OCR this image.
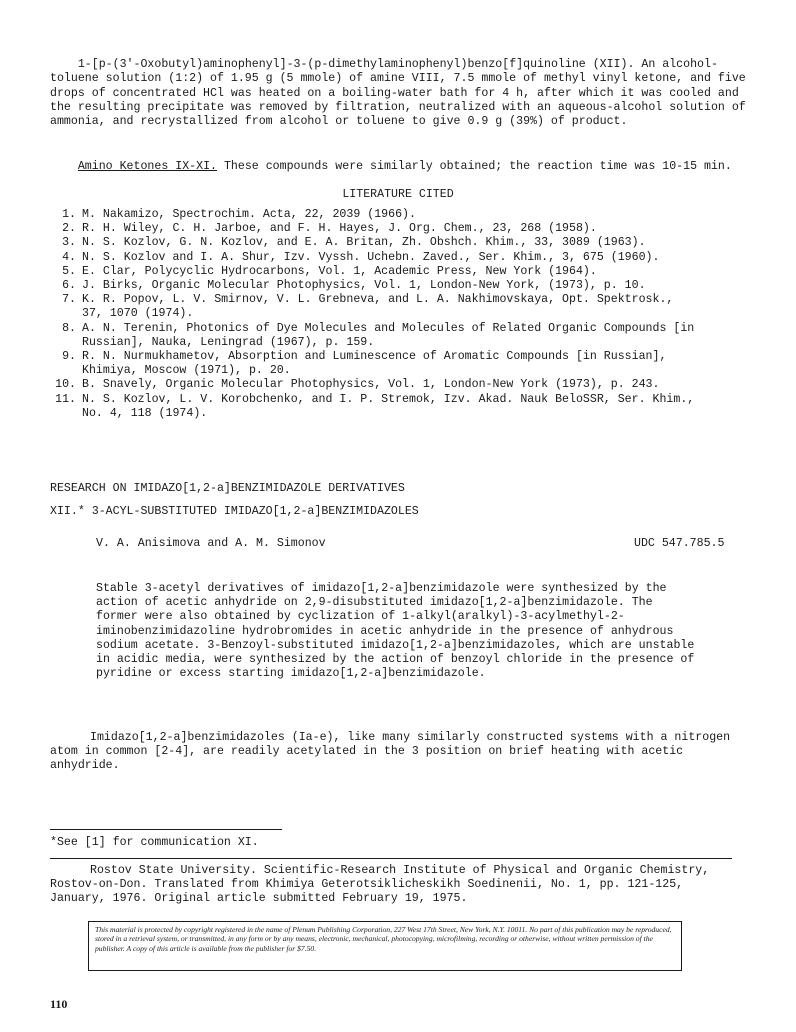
1-[p-(3'-Oxobutyl)aminophenyl]-3-(p-dimethylaminophenyl)benzo[f]quinoline (XII). An alcohol-toluene solution (1:2) of 1.95 g (5 mmole) of amine VIII, 7.5 mmole of methyl vinyl ketone, and five drops of concentrated HCl was heated on a boiling-water bath for 4 h, after which it was cooled and the resulting precipitate was removed by filtration, neutralized with an aqueous-alcohol solution of ammonia, and recrystallized from alcohol or toluene to give 0.9 g (39%) of product.

Amino Ketones IX-XI. These compounds were similarly obtained; the reaction time was 10-15 min.

LITERATURE CITED
1. M. Nakamizo, Spectrochim. Acta, 22, 2039 (1966).
2. R. H. Wiley, C. H. Jarboe, and F. H. Hayes, J. Org. Chem., 23, 268 (1958).
3. N. S. Kozlov, G. N. Kozlov, and E. A. Britan, Zh. Obshch. Khim., 33, 3089 (1963).
4. N. S. Kozlov and I. A. Shur, Izv. Vyssh. Uchebn. Zaved., Ser. Khim., 3, 675 (1960).
5. E. Clar, Polycyclic Hydrocarbons, Vol. 1, Academic Press, New York (1964).
6. J. Birks, Organic Molecular Photophysics, Vol. 1, London-New York, (1973), p. 10.
7. K. R. Popov, L. V. Smirnov, V. L. Grebneva, and L. A. Nakhimovskaya, Opt. Spektrosk.,
37, 1070 (1974).
8. A. N. Terenin, Photonics of Dye Molecules and Molecules of Related Organic Compounds [in
Russian], Nauka, Leningrad (1967), p. 159.
9. R. N. Nurmukhametov, Absorption and Luminescence of Aromatic Compounds [in Russian],
Khimiya, Moscow (1971), p. 20.
10. B. Snavely, Organic Molecular Photophysics, Vol. 1, London-New York (1973), p. 243.
11. N. S. Kozlov, L. V. Korobchenko, and I. P. Stremok, Izv. Akad. Nauk BeloSSR, Ser. Khim.,
No. 4, 118 (1974).
RESEARCH ON IMIDAZO[1,2-a]BENZIMIDAZOLE DERIVATIVES
XII.* 3-ACYL-SUBSTITUTED IMIDAZO[1,2-a]BENZIMIDAZOLES
V. A. Anisimova and A. M. Simonov	UDC 547.785.5
Stable 3-acetyl derivatives of imidazo[1,2-a]benzimidazole were synthesized by the action of acetic anhydride on 2,9-disubstituted imidazo[1,2-a]benzimidazole. The former were also obtained by cyclization of 1-alkyl(aralkyl)-3-acylmethyl-2-iminobenzimidazoline hydrobromides in acetic anhydride in the presence of anhydrous sodium acetate. 3-Benzoyl-substituted imidazo[1,2-a]benzimidazoles, which are unstable in acidic media, were synthesized by the action of benzoyl chloride in the presence of pyridine or excess starting imidazo[1,2-a]benzimidazole.
Imidazo[1,2-a]benzimidazoles (Ia-e), like many similarly constructed systems with a nitrogen atom in common [2-4], are readily acetylated in the 3 position on brief heating with acetic anhydride.
*See [1] for communication XI.
Rostov State University. Scientific-Research Institute of Physical and Organic Chemistry, Rostov-on-Don. Translated from Khimiya Geterotsiklicheskikh Soedinenii, No. 1, pp. 121-125, January, 1976. Original article submitted February 19, 1975.
This material is protected by copyright registered in the name of Plenum Publishing Corporation, 227 West 17th Street, New York, N.Y. 10011. No part of this publication may be reproduced, stored in a retrieval system, or transmitted, in any form or by any means, electronic, mechanical, photocopying, microfilming, recording or otherwise, without written permission of the publisher. A copy of this article is available from the publisher for $7.50.
110
